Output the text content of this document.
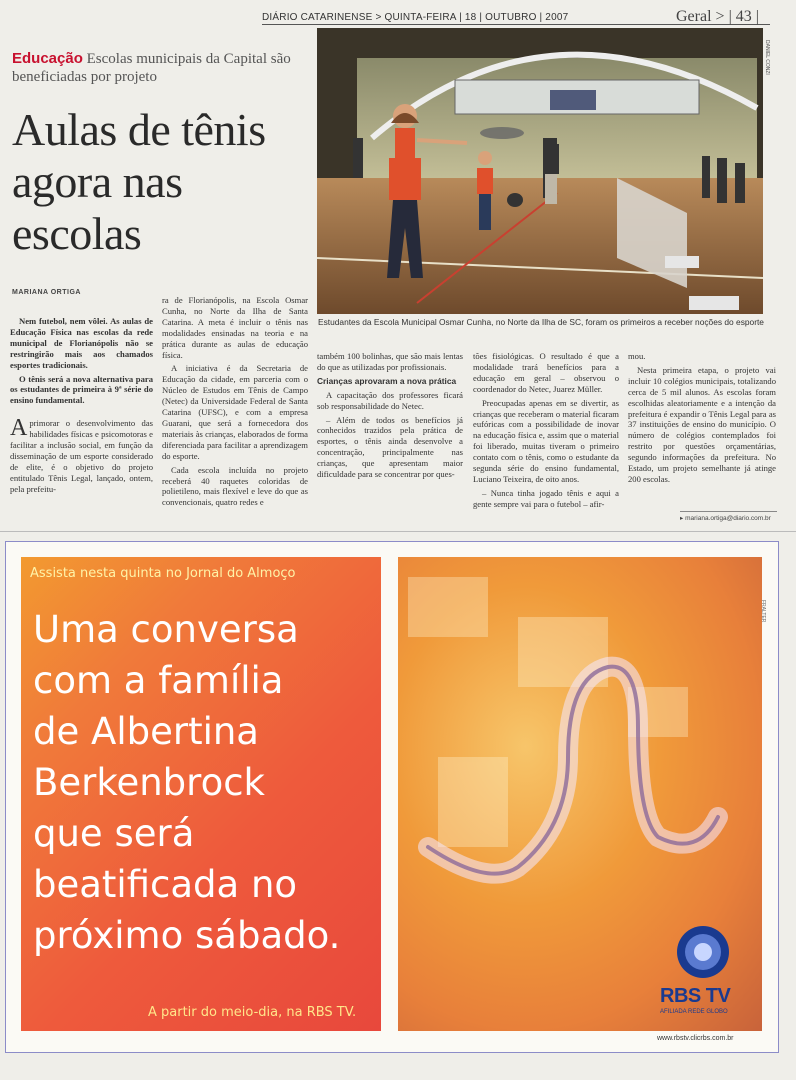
DIÁRIO CATARINENSE > QUINTA-FEIRA | 18 | OUTUBRO | 2007	Geral > | 43 |
Educação Escolas municipais da Capital são beneficiadas por projeto
Aulas de tênis agora nas escolas
MARIANA ORTIGA
DANIEL CONZI
Estudantes da Escola Municipal Osmar Cunha, no Norte da Ilha de SC, foram os primeiros a receber noções do esporte

Nem futebol, nem vôlei. As aulas de Educação Física nas escolas da rede municipal de Florianópolis não se restringirão mais aos chamados esportes tradicionais.

O tênis será a nova alternativa para os estudantes de primeira à 9ª série do ensino fundamental.

Aprimorar o desenvolvimento das habilidades físicas e psicomotoras e facilitar a inclusão social, em função da disseminação de um esporte considerado de elite, é o objetivo do projeto entitulado Tênis Legal, lançado, ontem, pela prefeitu-

ra de Florianópolis, na Escola Osmar Cunha, no Norte da Ilha de Santa Catarina. A meta é incluir o tênis nas modalidades ensinadas na teoria e na prática durante as aulas de educação física.

A iniciativa é da Secretaria de Educação da cidade, em parceria com o Núcleo de Estudos em Tênis de Campo (Netec) da Universidade Federal de Santa Catarina (UFSC), e com a empresa Guarani, que será a fornecedora dos materiais às crianças, elaborados de forma diferenciada para facilitar a aprendizagem do esporte.

Cada escola incluída no projeto receberá 40 raquetes coloridas de polietileno, mais flexível e leve do que as convencionais, quatro redes e

também 100 bolinhas, que são mais lentas do que as utilizadas por profissionais.

Crianças aprovaram a nova prática

A capacitação dos professores ficará sob responsabilidade do Netec.

– Além de todos os benefícios já conhecidos trazidos pela prática de esportes, o tênis ainda desenvolve a concentração, principalmente nas crianças, que apresentam maior dificuldade para se concentrar por ques-

tões fisiológicas. O resultado é que a modalidade trará benefícios para a educação em geral – observou o coordenador do Netec, Juarez Müller.

Preocupadas apenas em se divertir, as crianças que receberam o material ficaram eufóricas com a possibilidade de inovar na educação física e, assim que o material foi liberado, muitas tiveram o primeiro contato com o tênis, como o estudante da segunda série do ensino fundamental, Luciano Teixeira, de oito anos.

– Nunca tinha jogado tênis e aqui a gente sempre vai para o futebol – afir-

mou.

Nesta primeira etapa, o projeto vai incluir 10 colégios municipais, totalizando cerca de 5 mil alunos. As escolas foram escolhidas aleatoriamente e a intenção da prefeitura é expandir o Tênis Legal para as 37 instituições de ensino do município. O número de colégios contemplados foi restrito por questões orçamentárias, segundo informações da prefeitura. No Estado, um projeto semelhante já atinge 200 escolas.

▸ mariana.ortiga@diario.com.br
Assista nesta quinta no Jornal do Almoço
Uma conversa
com a família
de Albertina
Berkenbrock
que será
beatificada no
próximo sábado.
A partir do meio-dia, na RBS TV.
FRALTER
RBS TV
AFILIADA REDE GLOBO
www.rbstv.clicrbs.com.br
